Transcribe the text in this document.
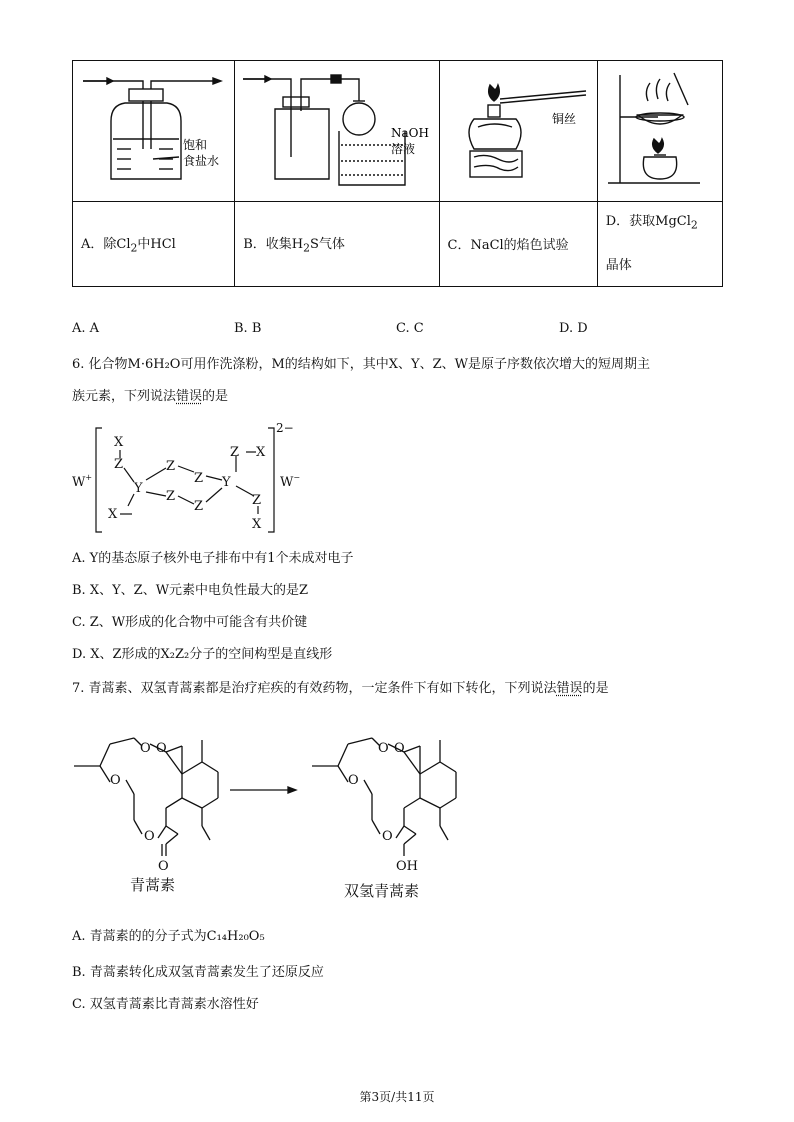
饱和
食盐水	NaOH
溶液	铜丝

A．除$Cl_2$中HCl	B．收集$H_2S$气体	C．NaCl的焰色试验	D．获取MgCl$_2$
晶体
A. A	B. B	C. C	D. D
6. 化合物M·6H₂O可用作洗涤粉，M的结构如下，其中X、Y、Z、W是原子序数依次增大的短周期主
族元素，下列说法错误的是
W+
X
Z	Z
Z
Y	Y
Z
Z
X
Z
X
Z
X
W−
2−
A. Y的基态原子核外电子排布中有1个未成对电子
B. X、Y、Z、W元素中电负性最大的是Z
C. Z、W形成的化合物中可能含有共价键
D. X、Z形成的X₂Z₂分子的空间构型是直线形
7. 青蒿素、双氢青蒿素都是治疗疟疾的有效药物，一定条件下有如下转化，下列说法错误的是
O O
O
O
O
青蒿素
O O
O
O
OH
双氢青蒿素
A. 青蒿素的的分子式为C₁₄H₂₀O₅
B. 青蒿素转化成双氢青蒿素发生了还原反应
C. 双氢青蒿素比青蒿素水溶性好
第3页/共11页
